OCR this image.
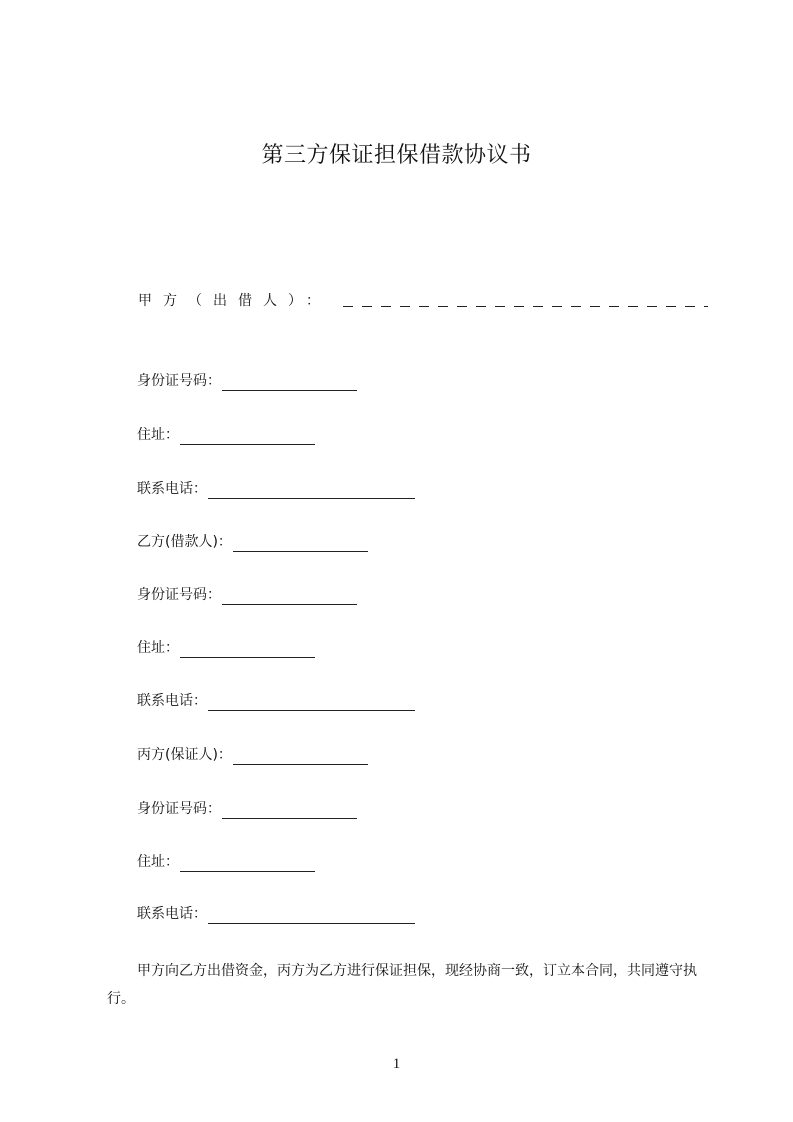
第三方保证担保借款协议书
甲方（出借人）：
身份证号码：
住址：
联系电话：
乙方(借款人)：
身份证号码：
住址：
联系电话：
丙方(保证人)：
身份证号码：
住址：
联系电话：
甲方向乙方出借资金，丙方为乙方进行保证担保，现经协商一致，订立本合同，共同遵守执行。
1
